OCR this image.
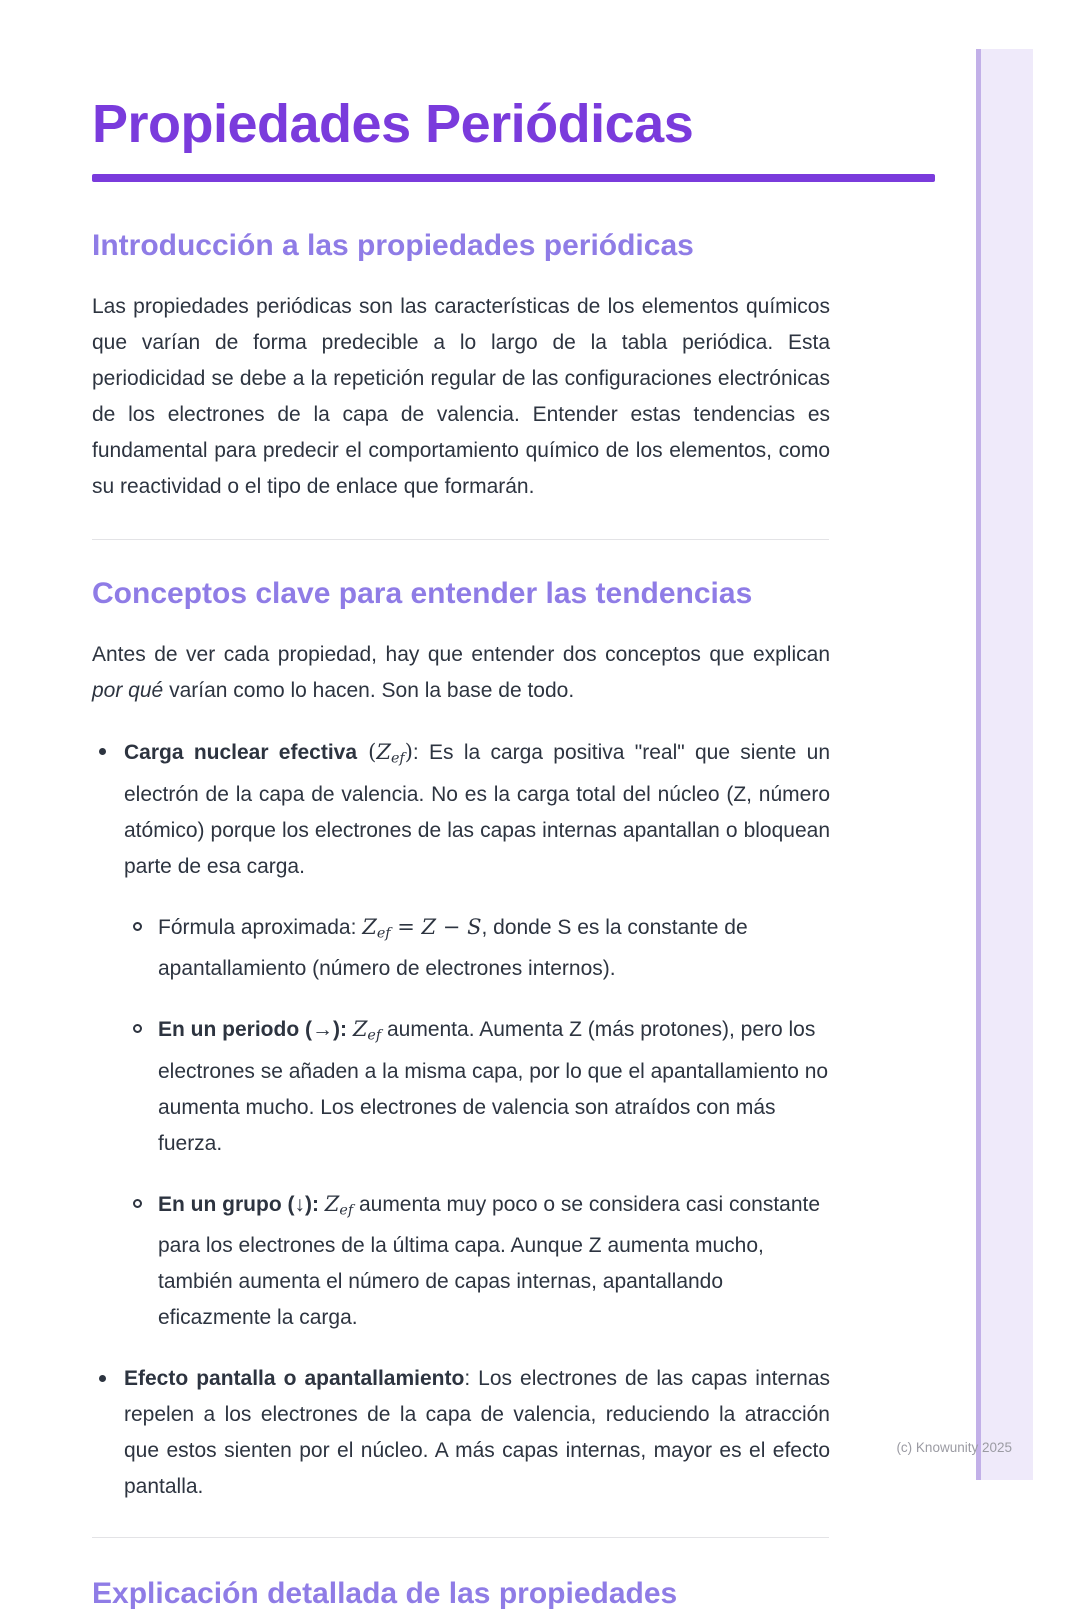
Propiedades Periódicas
Introducción a las propiedades periódicas

Las propiedades periódicas son las características de los elementos químicos que varían de forma predecible a lo largo de la tabla periódica. Esta periodicidad se debe a la repetición regular de las configuraciones electrónicas de los electrones de la capa de valencia. Entender estas tendencias es fundamental para predecir el comportamiento químico de los elementos, como su reactividad o el tipo de enlace que formarán.

Conceptos clave para entender las tendencias

Antes de ver cada propiedad, hay que entender dos conceptos que explican por qué varían como lo hacen. Son la base de todo.

Carga nuclear efectiva (Zef): Es la carga positiva "real" que siente un electrón de la capa de valencia. No es la carga total del núcleo (Z, número atómico) porque los electrones de las capas internas apantallan o bloquean parte de esa carga.
Fórmula aproximada: Zef = Z − S, donde S es la constante de apantallamiento (número de electrones internos).
En un periodo (→): Zef aumenta. Aumenta Z (más protones), pero los electrones se añaden a la misma capa, por lo que el apantallamiento no aumenta mucho. Los electrones de valencia son atraídos con más fuerza.
En un grupo (↓): Zef aumenta muy poco o se considera casi constante para los electrones de la última capa. Aunque Z aumenta mucho, también aumenta el número de capas internas, apantallando eficazmente la carga.
Efecto pantalla o apantallamiento: Los electrones de las capas internas repelen a los electrones de la capa de valencia, reduciendo la atracción que estos sienten por el núcleo. A más capas internas, mayor es el efecto pantalla.
Explicación detallada de las propiedades
(c) Knowunity 2025
